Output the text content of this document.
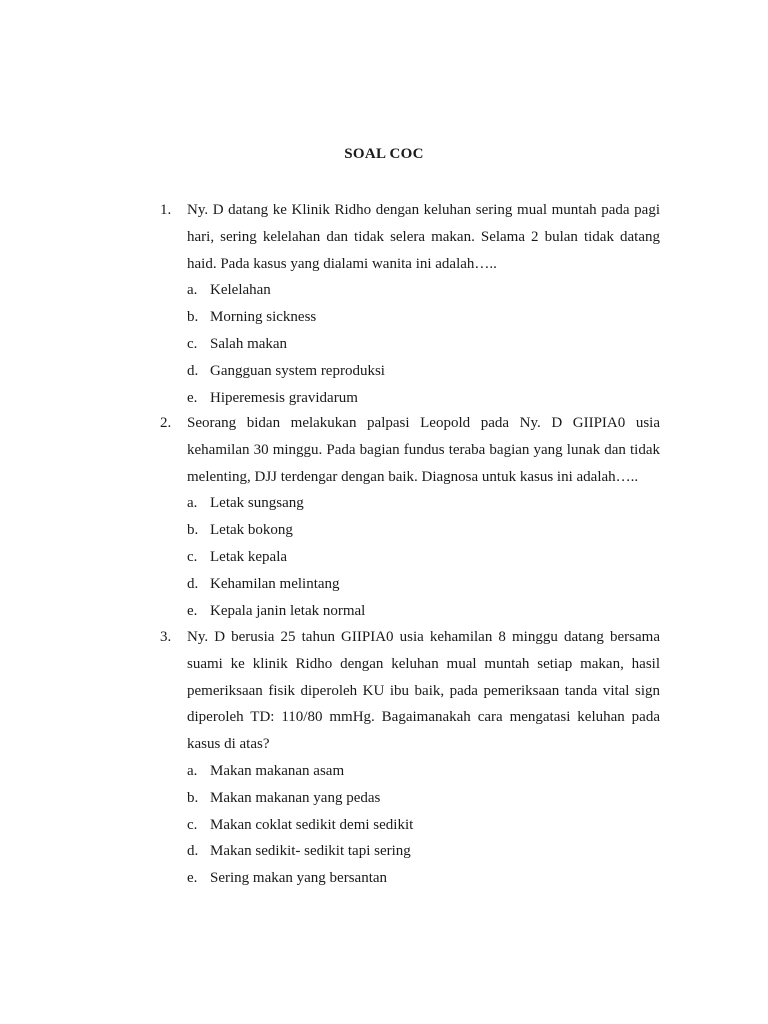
SOAL COC
1.	Ny. D datang ke Klinik Ridho dengan keluhan sering mual muntah pada pagi hari, sering kelelahan dan tidak selera makan. Selama 2 bulan tidak datang haid. Pada kasus yang dialami wanita ini adalah…..
a. Kelelahan
b. Morning sickness
c. Salah makan
d. Gangguan system reproduksi
e. Hiperemesis gravidarum
2.	Seorang bidan melakukan palpasi Leopold pada Ny. D GIIPIA0 usia kehamilan 30 minggu. Pada bagian fundus teraba bagian yang lunak dan tidak melenting, DJJ terdengar dengan baik. Diagnosa untuk kasus ini adalah…..
a. Letak sungsang
b. Letak bokong
c. Letak kepala
d. Kehamilan melintang
e. Kepala janin letak normal
3.	Ny. D berusia 25 tahun GIIPIA0 usia kehamilan 8 minggu datang bersama suami ke klinik Ridho dengan keluhan mual muntah setiap makan, hasil pemeriksaan fisik diperoleh KU ibu baik, pada pemeriksaan tanda vital sign diperoleh TD: 110/80 mmHg. Bagaimanakah cara mengatasi keluhan pada kasus di atas?
a. Makan makanan asam
b. Makan makanan yang pedas
c. Makan coklat sedikit demi sedikit
d. Makan sedikit- sedikit tapi sering
e. Sering makan yang bersantan
